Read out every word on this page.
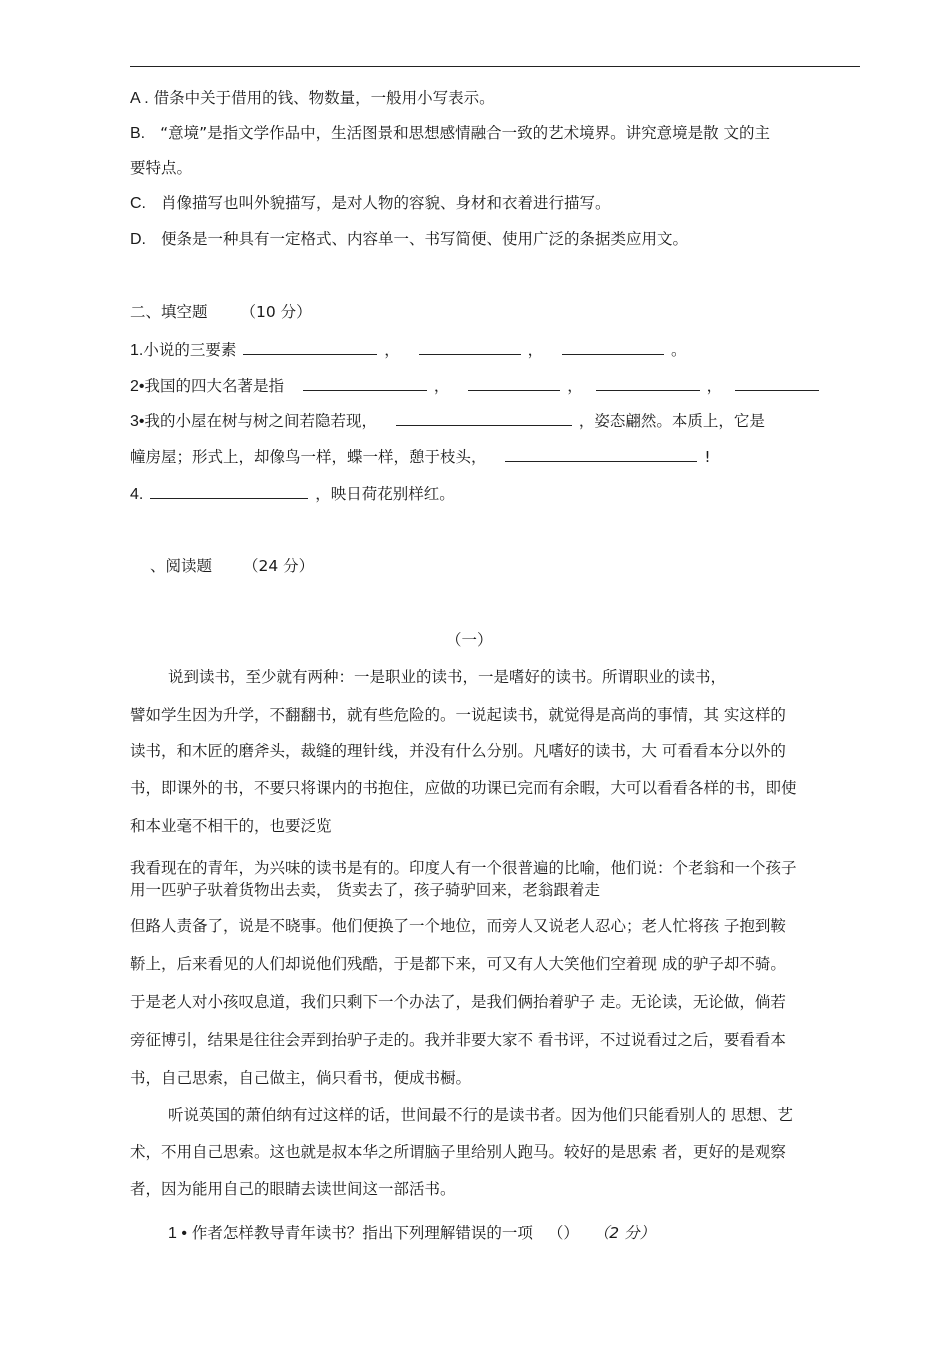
A . 借条中关于借用的钱、物数量，一般用小写表示。
B. “意境”是指文学作品中，生活图景和思想感情融合一致的艺术境界。讲究意境是散 文的主
要特点。
C. 肖像描写也叫外貌描写，是对人物的容貌、身材和衣着进行描写。
D. 便条是一种具有一定格式、内容单一、书写简便、使用广泛的条据类应用文。
二、填空题 （10 分）
1.小说的三要素	，	，	。
2•我国的四大名著是指	，	，	，
3•我的小屋在树与树之间若隐若现，	，姿态翩然。本质上，它是
幢房屋；形式上，却像鸟一样，蝶一样，憩于枝头，	!
4.	，映日荷花别样红。
、阅读题 （24 分）
（一）
说到读书，至少就有两种：一是职业的读书，一是嗜好的读书。所谓职业的读书，
譬如学生因为升学，不翻翻书，就有些危险的。一说起读书，就觉得是高尚的事情，其 实这样的
读书，和木匠的磨斧头，裁缝的理针线，并没有什么分别。凡嗜好的读书，大 可看看本分以外的
书，即课外的书，不要只将课内的书抱住，应做的功课已完而有余暇，大可以看看各样的书，即使
和本业毫不相干的，也要泛览
我看现在的青年，为兴味的读书是有的。印度人有一个很普遍的比喻，他们说：个老翁和一个孩子
用一匹驴子驮着货物出去卖， 货卖去了，孩子骑驴回来，老翁跟着走
但路人责备了，说是不晓事。他们便换了一个地位，而旁人又说老人忍心；老人忙将孩 子抱到鞍
鞒上，后来看见的人们却说他们残酷，于是都下来，可又有人大笑他们空着现 成的驴子却不骑。
于是老人对小孩叹息道，我们只剩下一个办法了，是我们俩抬着驴子 走。无论读，无论做，倘若
旁征博引，结果是往往会弄到抬驴子走的。我并非要大家不 看书评，不过说看过之后，要看看本
书，自己思索，自己做主，倘只看书，便成书橱。
听说英国的萧伯纳有过这样的话，世间最不行的是读书者。因为他们只能看别人的 思想、艺
术，不用自己思索。这也就是叔本华之所谓脑子里给别人跑马。较好的是思索 者，更好的是观察
者，因为能用自己的眼睛去读世间这一部活书。
1 • 作者怎样教导青年读书？指出下列理解错误的一项 （） （2 分）
